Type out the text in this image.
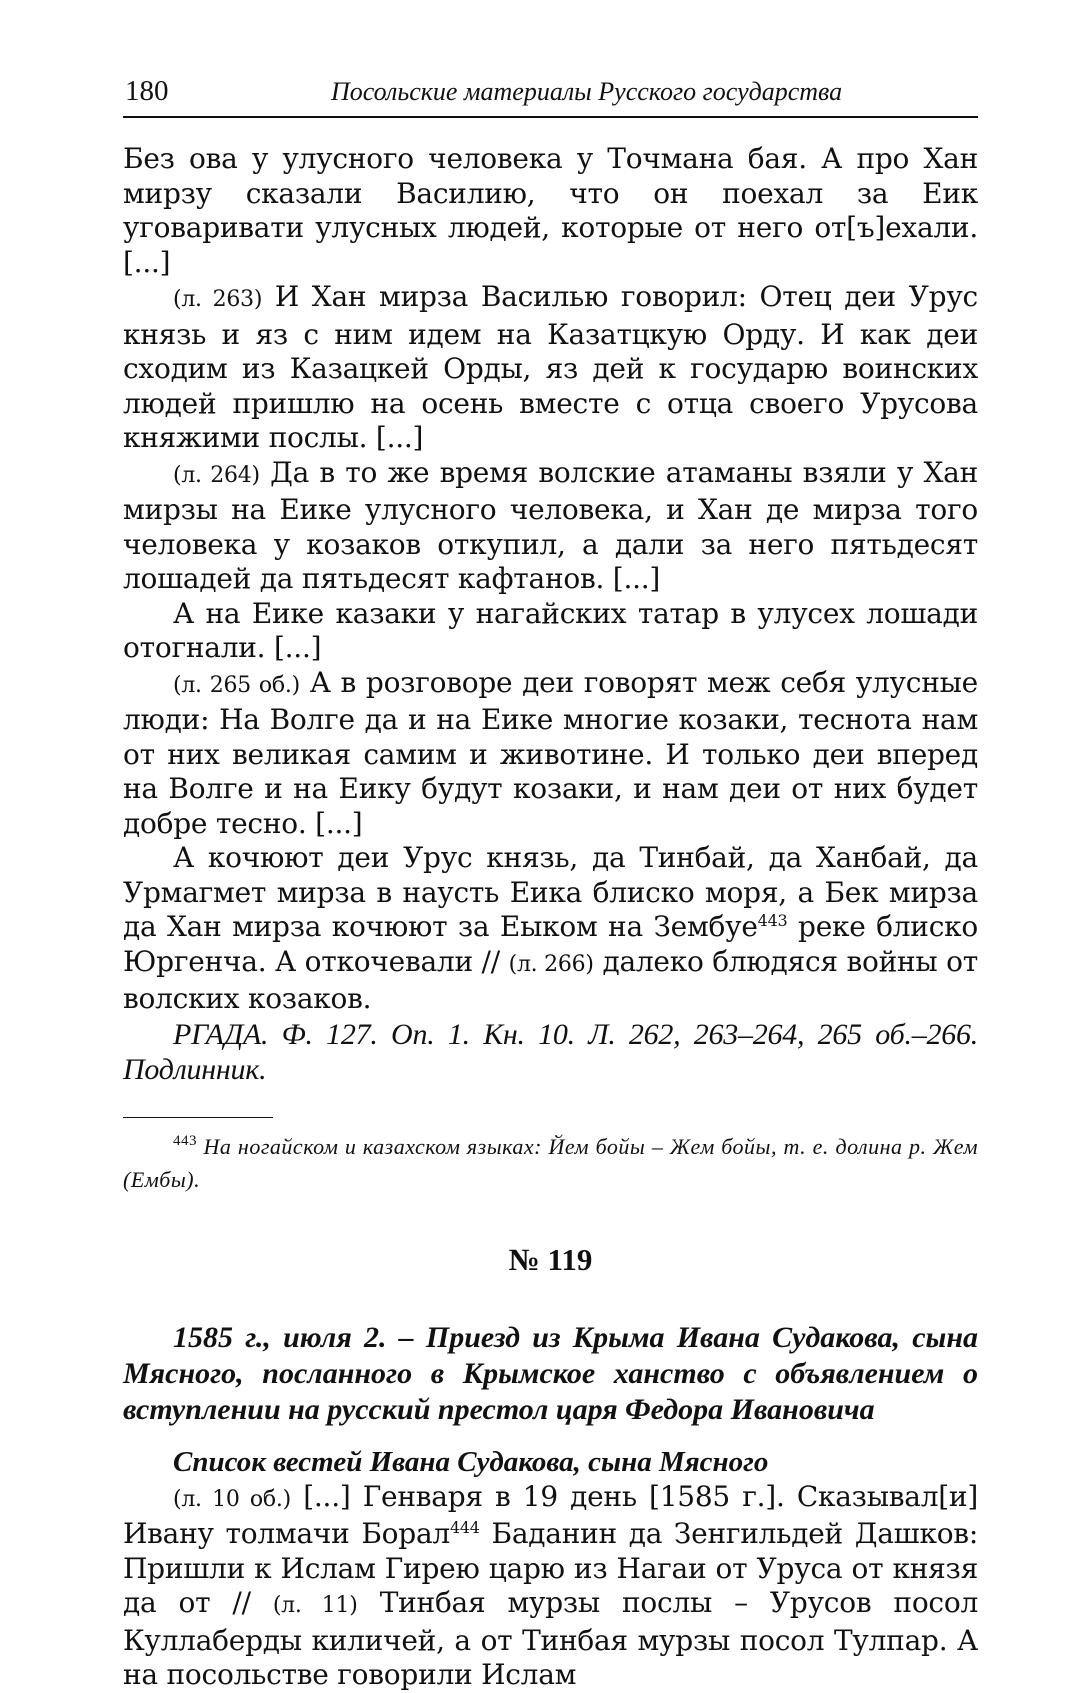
180	Посольские материалы Русского государства

Без ова у улусного человека у Точмана бая. А про Хан мирзу сказали Василию, что он поехал за Еик уговаривати улусных людей, которые от него от[ъ]ехали. [...]

(л. 263) И Хан мирза Василью говорил: Отец деи Урус князь и яз с ним идем на Казатцкую Орду. И как деи сходим из Казацкей Орды, яз дей к государю воинских людей пришлю на осень вместе с отца своего Урусова княжими послы. [...]

(л. 264) Да в то же время волские атаманы взяли у Хан мирзы на Еике улусного человека, и Хан де мирза того человека у козаков откупил, а дали за него пятьдесят лошадей да пятьдесят кафтанов. [...]

А на Еике казаки у нагайских татар в улусех лошади отогнали. [...]

(л. 265 об.) А в розговоре деи говорят меж себя улусные люди: На Волге да и на Еике многие козаки, теснота нам от них великая самим и животине. И только деи вперед на Волге и на Еику будут козаки, и нам деи от них будет добре тесно. [...]

А кочюют деи Урус князь, да Тинбай, да Ханбай, да Урмагмет мирза в наусть Еика блиско моря, а Бек мирза да Хан мирза кочюют за Еыком на Зембуе$^{443}$ реке блиско Юргенча. А откочевали // (л. 266) далеко блюдяся войны от волских козаков.

РГАДА. Ф. 127. Оп. 1. Кн. 10. Л. 262, 263–264, 265 об.–266. Подлинник.

$^{443}$ На ногайском и казахском языках: Йем бойы – Жем бойы, т. е. долина р. Жем (Ембы).

№ 119

1585 г., июля 2. – Приезд из Крыма Ивана Судакова, сына Мясного, посланного в Крымское ханство с объявлением о вступлении на русский престол царя Федора Ивановича

Список вестей Ивана Судакова, сына Мясного

(л. 10 об.) [...] Генваря в 19 день [1585 г.]. Сказывал[и] Ивану толмачи Борал$^{444}$ Баданин да Зенгильдей Дашков: Пришли к Ислам Гирею царю из Нагаи от Уруса от князя да от // (л. 11) Тинбая мурзы послы – Урусов посол Куллаберды киличей, а от Тинбая мурзы посол Тулпар. А на посольстве говорили Ислам
